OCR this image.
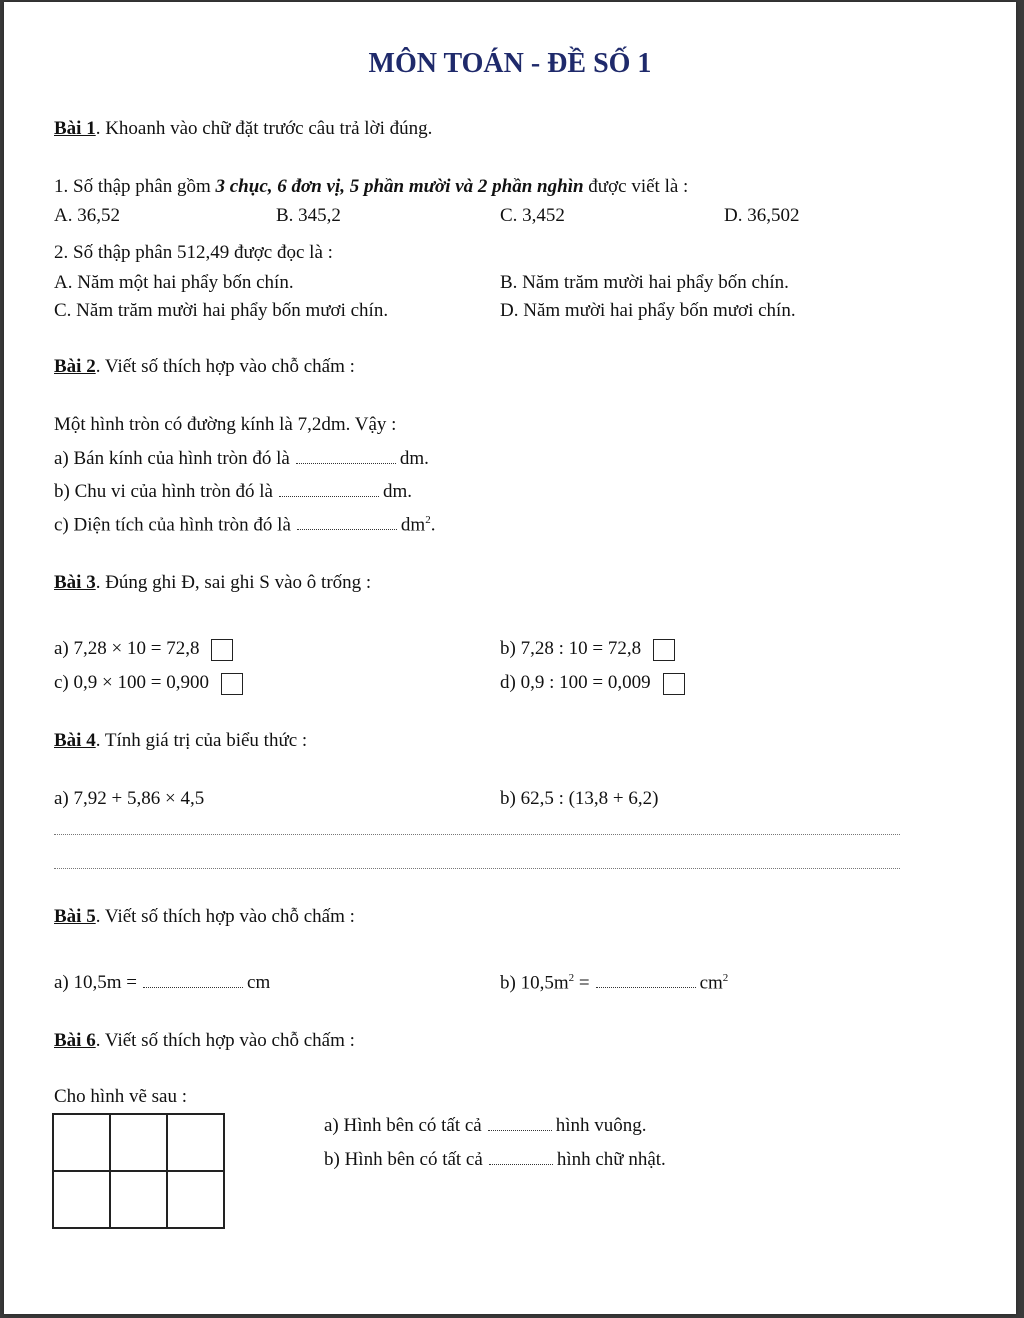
MÔN TOÁN - ĐỀ SỐ 1
Bài 1. Khoanh vào chữ đặt trước câu trả lời đúng.
1. Số thập phân gồm 3 chục, 6 đơn vị, 5 phần mười và 2 phần nghìn được viết là :
A. 36,52	B. 345,2	C. 3,452	D. 36,502
2. Số thập phân 512,49 được đọc là :
A. Năm một hai phẩy bốn chín.	B. Năm trăm mười hai phẩy bốn chín.
C. Năm trăm mười hai phẩy bốn mươi chín.	D. Năm mười hai phẩy bốn mươi chín.
Bài 2. Viết số thích hợp vào chỗ chấm :
Một hình tròn có đường kính là 7,2dm. Vậy :
a) Bán kính của hình tròn đó là	dm.
b) Chu vi của hình tròn đó là	dm.
c) Diện tích của hình tròn đó là	$dm^2$.
Bài 3. Đúng ghi Đ, sai ghi S vào ô trống :
a) 7,28 × 10 = 72,8	b) 7,28 : 10 = 72,8
c) 0,9 × 100 = 0,900	d) 0,9 : 100 = 0,009
Bài 4. Tính giá trị của biểu thức :
a) 7,92 + 5,86 × 4,5	b) 62,5 : (13,8 + 6,2)
Bài 5. Viết số thích hợp vào chỗ chấm :
a) 10,5m =	cm	b) $10,5m^2$ =	$cm^2$
Bài 6. Viết số thích hợp vào chỗ chấm :
Cho hình vẽ sau :

a) Hình bên có tất cả	hình vuông.
b) Hình bên có tất cả	hình chữ nhật.
